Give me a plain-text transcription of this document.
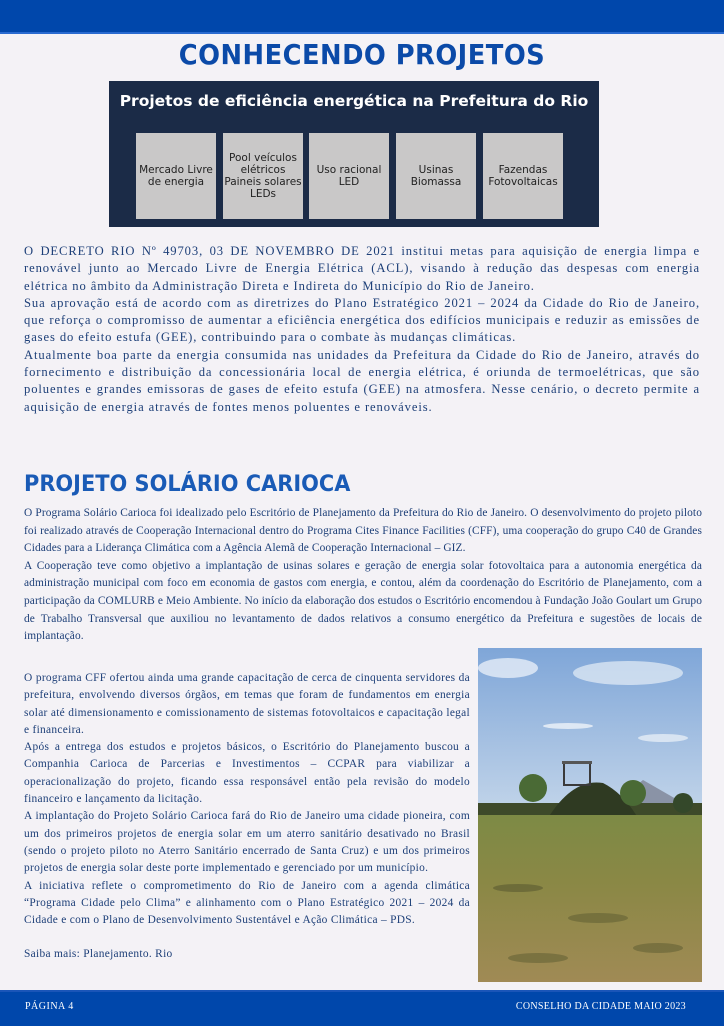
CONHECENDO PROJETOS
Projetos de eficiência energética na Prefeitura do Rio
Mercado Livre de energia
Pool veículos elétricos Paineis solares LEDs
Uso racional LED
Usinas Biomassa
Fazendas Fotovoltaicas

O DECRETO RIO Nº 49703, 03 DE NOVEMBRO DE 2021 institui metas para aquisição de energia limpa e renovável junto ao Mercado Livre de Energia Elétrica (ACL), visando à redução das despesas com energia elétrica no âmbito da Administração Direta e Indireta do Município do Rio de Janeiro.

Sua aprovação está de acordo com as diretrizes do Plano Estratégico 2021 – 2024 da Cidade do Rio de Janeiro, que reforça o compromisso de aumentar a eficiência energética dos edifícios municipais e reduzir as emissões de gases do efeito estufa (GEE), contribuindo para o combate às mudanças climáticas.

Atualmente boa parte da energia consumida nas unidades da Prefeitura da Cidade do Rio de Janeiro, através do fornecimento e distribuição da concessionária local de energia elétrica, é oriunda de termoelétricas, que são poluentes e grandes emissoras de gases de efeito estufa (GEE) na atmosfera. Nesse cenário, o decreto permite a aquisição de energia através de fontes menos poluentes e renováveis.

PROJETO SOLÁRIO CARIOCA

O Programa Solário Carioca foi idealizado pelo Escritório de Planejamento da Prefeitura do Rio de Janeiro. O desenvolvimento do projeto piloto foi realizado através de Cooperação Internacional dentro do Programa Cites Finance Facilities (CFF), uma cooperação do grupo C40 de Grandes Cidades para a Liderança Climática com a Agência Alemã de Cooperação Internacional – GIZ.

A Cooperação teve como objetivo a implantação de usinas solares e geração de energia solar fotovoltaica para a autonomia energética da administração municipal com foco em economia de gastos com energia, e contou, além da coordenação do Escritório de Planejamento, com a participação da COMLURB e Meio Ambiente. No início da elaboração dos estudos o Escritório encomendou à Fundação João Goulart um Grupo de Trabalho Transversal que auxiliou no levantamento de dados relativos a consumo energético da Prefeitura e sugestões de locais de implantação.

O programa CFF ofertou ainda uma grande capacitação de cerca de cinquenta servidores da prefeitura, envolvendo diversos órgãos, em temas que foram de fundamentos em energia solar até dimensionamento e comissionamento de sistemas fotovoltaicos e capacitação legal e financeira.

Após a entrega dos estudos e projetos básicos, o Escritório do Planejamento buscou a Companhia Carioca de Parcerias e Investimentos – CCPAR para viabilizar a operacionalização do projeto, ficando essa responsável então pela revisão do modelo financeiro e lançamento da licitação.

A implantação do Projeto Solário Carioca fará do Rio de Janeiro uma cidade pioneira, com um dos primeiros projetos de energia solar em um aterro sanitário desativado no Brasil (sendo o projeto piloto no Aterro Sanitário encerrado de Santa Cruz) e um dos primeiros projetos de energia solar deste porte implementado e gerenciado por um município.

A iniciativa reflete o comprometimento do Rio de Janeiro com a agenda climática “Programa Cidade pelo Clima” e alinhamento com o Plano Estratégico 2021 – 2024 da Cidade e com o Plano de Desenvolvimento Sustentável e Ação Climática – PDS.

Saiba mais: Planejamento. Rio

PÁGINA 4	CONSELHO DA CIDADE MAIO 2023
